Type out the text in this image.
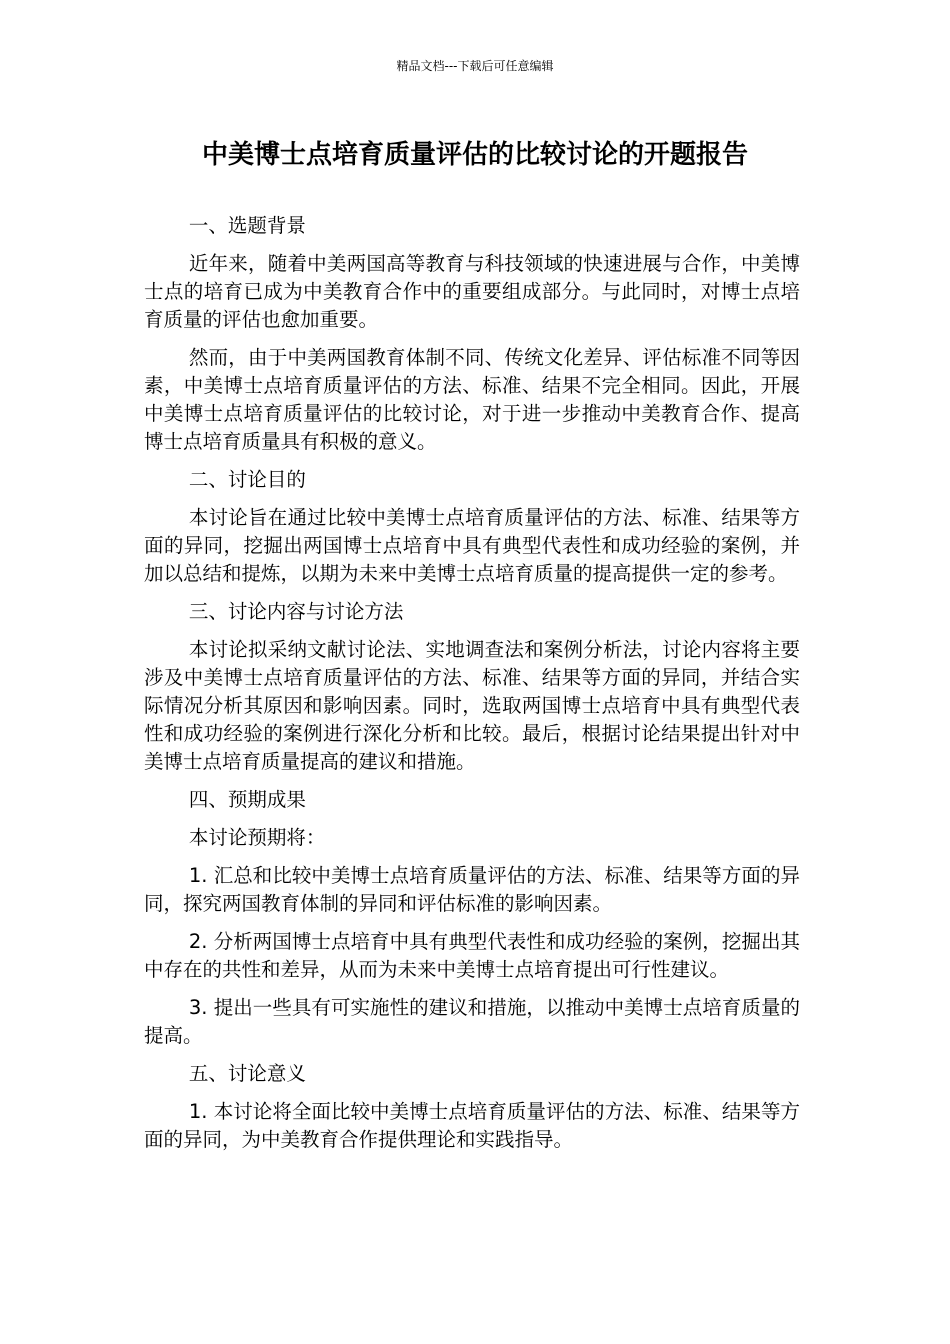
精品文档---下载后可任意编辑
中美博士点培育质量评估的比较讨论的开题报告

一、选题背景

近年来，随着中美两国高等教育与科技领域的快速进展与合作，中美博士点的培育已成为中美教育合作中的重要组成部分。与此同时，对博士点培育质量的评估也愈加重要。

然而，由于中美两国教育体制不同、传统文化差异、评估标准不同等因素，中美博士点培育质量评估的方法、标准、结果不完全相同。因此，开展中美博士点培育质量评估的比较讨论，对于进一步推动中美教育合作、提高博士点培育质量具有积极的意义。

二、讨论目的

本讨论旨在通过比较中美博士点培育质量评估的方法、标准、结果等方面的异同，挖掘出两国博士点培育中具有典型代表性和成功经验的案例，并加以总结和提炼，以期为未来中美博士点培育质量的提高提供一定的参考。

三、讨论内容与讨论方法

本讨论拟采纳文献讨论法、实地调查法和案例分析法，讨论内容将主要涉及中美博士点培育质量评估的方法、标准、结果等方面的异同，并结合实际情况分析其原因和影响因素。同时，选取两国博士点培育中具有典型代表性和成功经验的案例进行深化分析和比较。最后，根据讨论结果提出针对中美博士点培育质量提高的建议和措施。

四、预期成果

本讨论预期将：

1. 汇总和比较中美博士点培育质量评估的方法、标准、结果等方面的异同，探究两国教育体制的异同和评估标准的影响因素。

2. 分析两国博士点培育中具有典型代表性和成功经验的案例，挖掘出其中存在的共性和差异，从而为未来中美博士点培育提出可行性建议。

3. 提出一些具有可实施性的建议和措施，以推动中美博士点培育质量的提高。

五、讨论意义

1. 本讨论将全面比较中美博士点培育质量评估的方法、标准、结果等方面的异同，为中美教育合作提供理论和实践指导。
